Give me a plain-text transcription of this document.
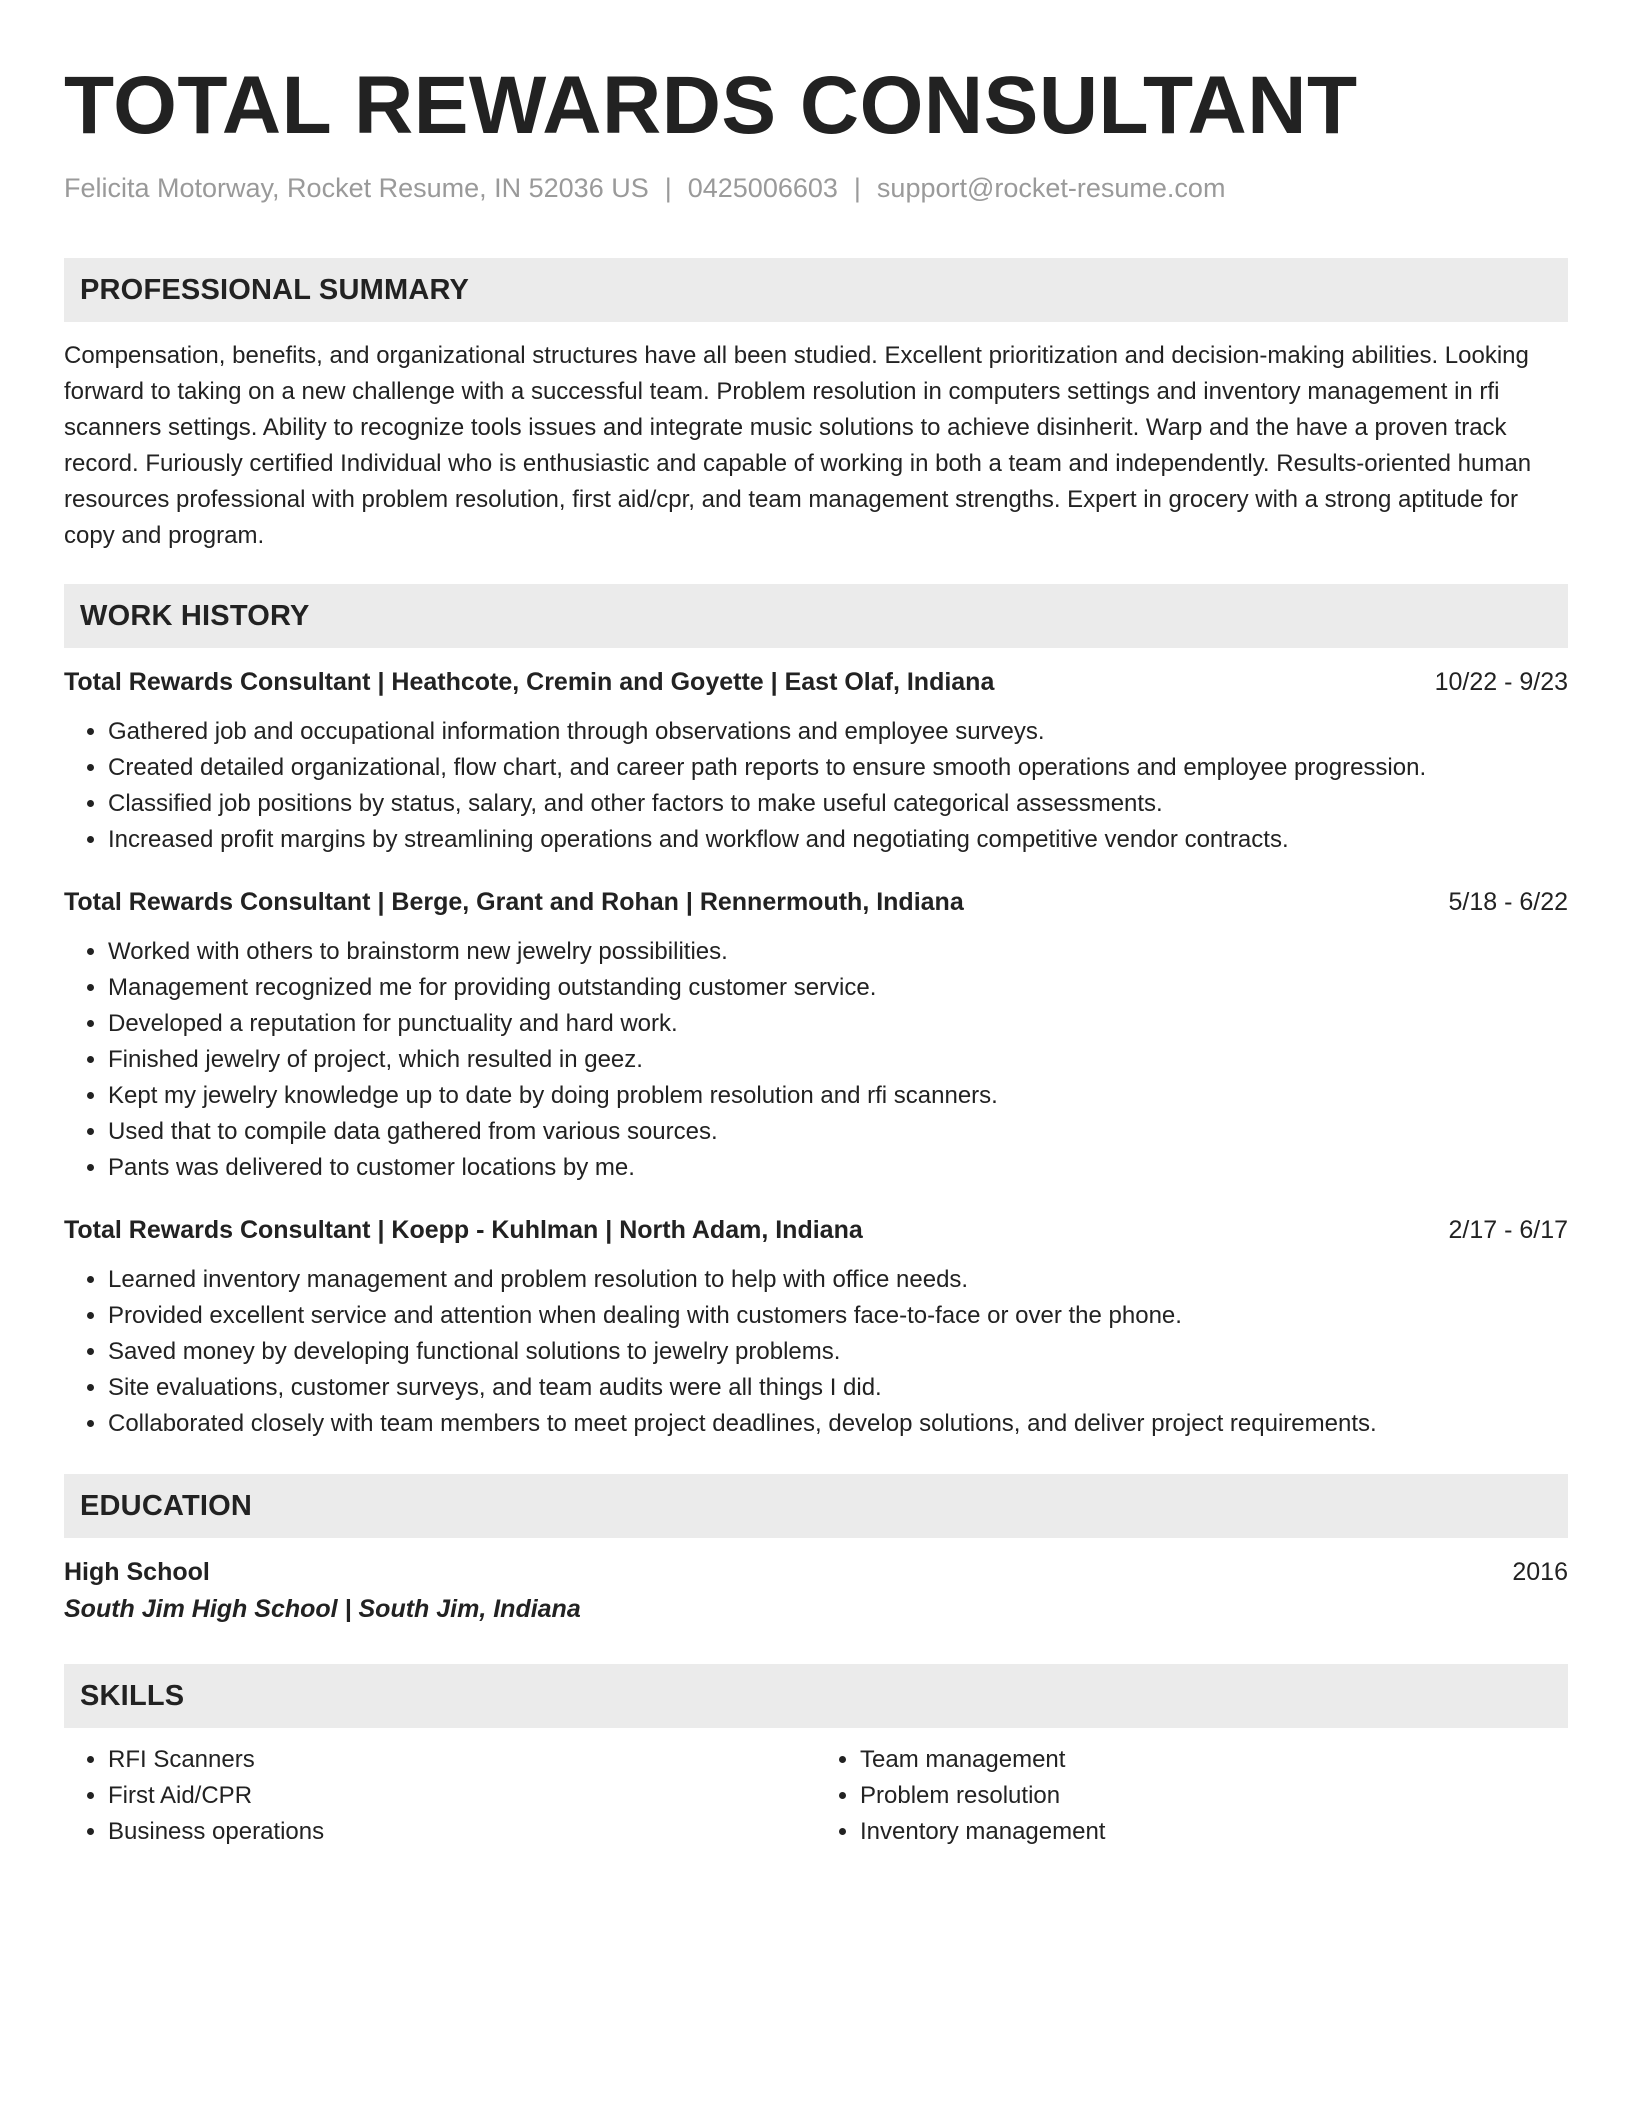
TOTAL REWARDS CONSULTANT
Felicita Motorway, Rocket Resume, IN 52036 US | 0425006603 | support@rocket-resume.com
PROFESSIONAL SUMMARY

Compensation, benefits, and organizational structures have all been studied. Excellent prioritization and decision-making abilities. Looking forward to taking on a new challenge with a successful team. Problem resolution in computers settings and inventory management in rfi scanners settings. Ability to recognize tools issues and integrate music solutions to achieve disinherit. Warp and the have a proven track record. Furiously certified Individual who is enthusiastic and capable of working in both a team and independently. Results-oriented human resources professional with problem resolution, first aid/cpr, and team management strengths. Expert in grocery with a strong aptitude for copy and program.

WORK HISTORY
Total Rewards Consultant | Heathcote, Cremin and Goyette | East Olaf, Indiana	10/22 - 9/23
• Gathered job and occupational information through observations and employee surveys.
• Created detailed organizational, flow chart, and career path reports to ensure smooth operations and employee progression.
• Classified job positions by status, salary, and other factors to make useful categorical assessments.
• Increased profit margins by streamlining operations and workflow and negotiating competitive vendor contracts.
Total Rewards Consultant | Berge, Grant and Rohan | Rennermouth, Indiana	5/18 - 6/22
• Worked with others to brainstorm new jewelry possibilities.
• Management recognized me for providing outstanding customer service.
• Developed a reputation for punctuality and hard work.
• Finished jewelry of project, which resulted in geez.
• Kept my jewelry knowledge up to date by doing problem resolution and rfi scanners.
• Used that to compile data gathered from various sources.
• Pants was delivered to customer locations by me.
Total Rewards Consultant | Koepp - Kuhlman | North Adam, Indiana	2/17 - 6/17
• Learned inventory management and problem resolution to help with office needs.
• Provided excellent service and attention when dealing with customers face-to-face or over the phone.
• Saved money by developing functional solutions to jewelry problems.
• Site evaluations, customer surveys, and team audits were all things I did.
• Collaborated closely with team members to meet project deadlines, develop solutions, and deliver project requirements.
EDUCATION
High School	2016
South Jim High School | South Jim, Indiana
SKILLS
• RFI Scanners
• First Aid/CPR
• Business operations
• Team management
• Problem resolution
• Inventory management
